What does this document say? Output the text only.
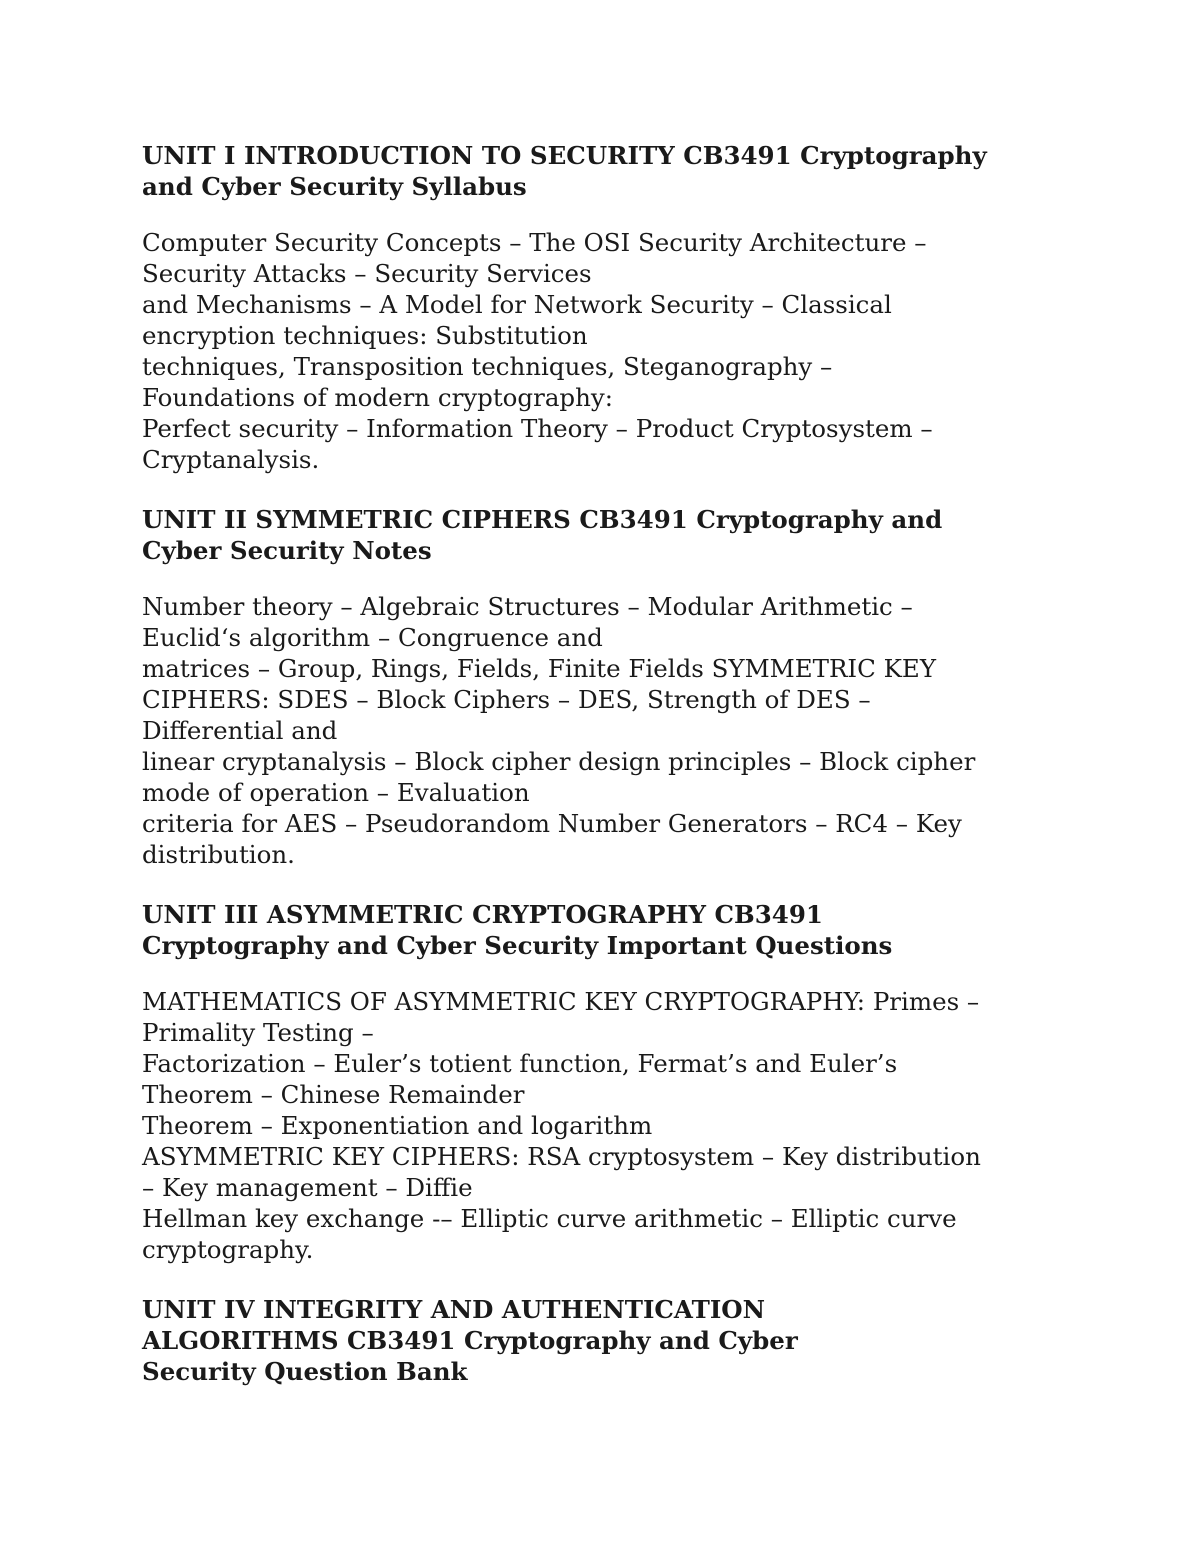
UNIT I INTRODUCTION TO SECURITY CB3491 Cryptography
and Cyber Security Syllabus
Computer Security Concepts – The OSI Security Architecture –
Security Attacks – Security Services
and Mechanisms – A Model for Network Security – Classical
encryption techniques: Substitution
techniques, Transposition techniques, Steganography –
Foundations of modern cryptography:
Perfect security – Information Theory – Product Cryptosystem –
Cryptanalysis.
UNIT II SYMMETRIC CIPHERS CB3491 Cryptography and
Cyber Security Notes
Number theory – Algebraic Structures – Modular Arithmetic –
Euclid‘s algorithm – Congruence and
matrices – Group, Rings, Fields, Finite Fields SYMMETRIC KEY
CIPHERS: SDES – Block Ciphers – DES, Strength of DES –
Differential and
linear cryptanalysis – Block cipher design principles – Block cipher
mode of operation – Evaluation
criteria for AES – Pseudorandom Number Generators – RC4 – Key
distribution.
UNIT III ASYMMETRIC CRYPTOGRAPHY CB3491
Cryptography and Cyber Security Important Questions
MATHEMATICS OF ASYMMETRIC KEY CRYPTOGRAPHY: Primes –
Primality Testing –
Factorization – Euler’s totient function, Fermat’s and Euler’s
Theorem – Chinese Remainder
Theorem – Exponentiation and logarithm
ASYMMETRIC KEY CIPHERS: RSA cryptosystem – Key distribution
– Key management – Diffie
Hellman key exchange -– Elliptic curve arithmetic – Elliptic curve
cryptography.
UNIT IV INTEGRITY AND AUTHENTICATION
ALGORITHMS CB3491 Cryptography and Cyber
Security Question Bank
